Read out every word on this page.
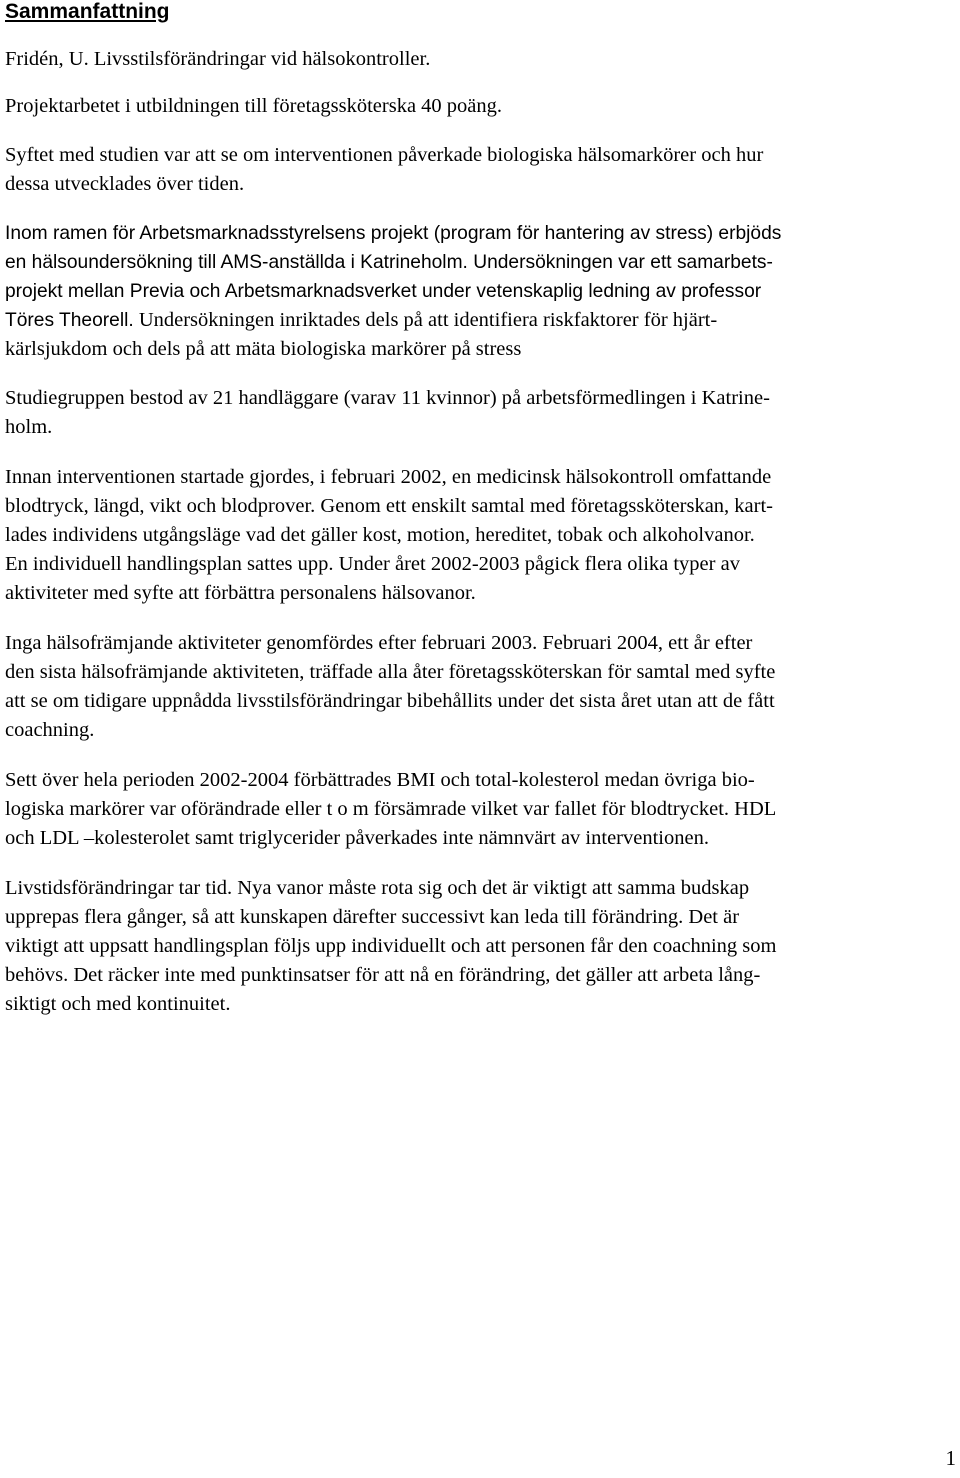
Sammanfattning

Fridén, U. Livsstilsförändringar vid hälsokontroller.

Projektarbetet i utbildningen till företagssköterska 40 poäng.

Syftet med studien var att se om interventionen påverkade biologiska hälsomarkörer och hur
dessa utvecklades över tiden.

Inom ramen för Arbetsmarknadsstyrelsens projekt (program för hantering av stress) erbjöds
en hälsoundersökning till AMS-anställda i Katrineholm. Undersökningen var ett samarbets-
projekt mellan Previa och Arbetsmarknadsverket under vetenskaplig ledning av professor
Töres Theorell. Undersökningen inriktades dels på att identifiera riskfaktorer för hjärt-
kärlsjukdom och dels på att mäta biologiska markörer på stress

Studiegruppen bestod av 21 handläggare (varav 11 kvinnor) på arbetsförmedlingen i Katrine-
holm.

Innan interventionen startade gjordes, i februari 2002, en medicinsk hälsokontroll omfattande
blodtryck, längd, vikt och blodprover. Genom ett enskilt samtal med företagssköterskan, kart-
lades individens utgångsläge vad det gäller kost, motion, hereditet, tobak och alkoholvanor.
En individuell handlingsplan sattes upp. Under året 2002-2003 pågick flera olika typer av
aktiviteter med syfte att förbättra personalens hälsovanor.

Inga hälsofrämjande aktiviteter genomfördes efter februari 2003. Februari 2004, ett år efter
den sista hälsofrämjande aktiviteten, träffade alla åter företagssköterskan för samtal med syfte
att se om tidigare uppnådda livsstilsförändringar bibehållits under det sista året utan att de fått
coachning.

Sett över hela perioden 2002-2004 förbättrades BMI och total-kolesterol medan övriga bio-
logiska markörer var oförändrade eller t o m försämrade vilket var fallet för blodtrycket. HDL
och LDL –kolesterolet samt triglycerider påverkades inte nämnvärt av interventionen.

Livstidsförändringar tar tid. Nya vanor måste rota sig och det är viktigt att samma budskap
upprepas flera gånger, så att kunskapen därefter successivt kan leda till förändring. Det är
viktigt att uppsatt handlingsplan följs upp individuellt och att personen får den coachning som
behövs. Det räcker inte med punktinsatser för att nå en förändring, det gäller att arbeta lång-
siktigt och med kontinuitet.

1
